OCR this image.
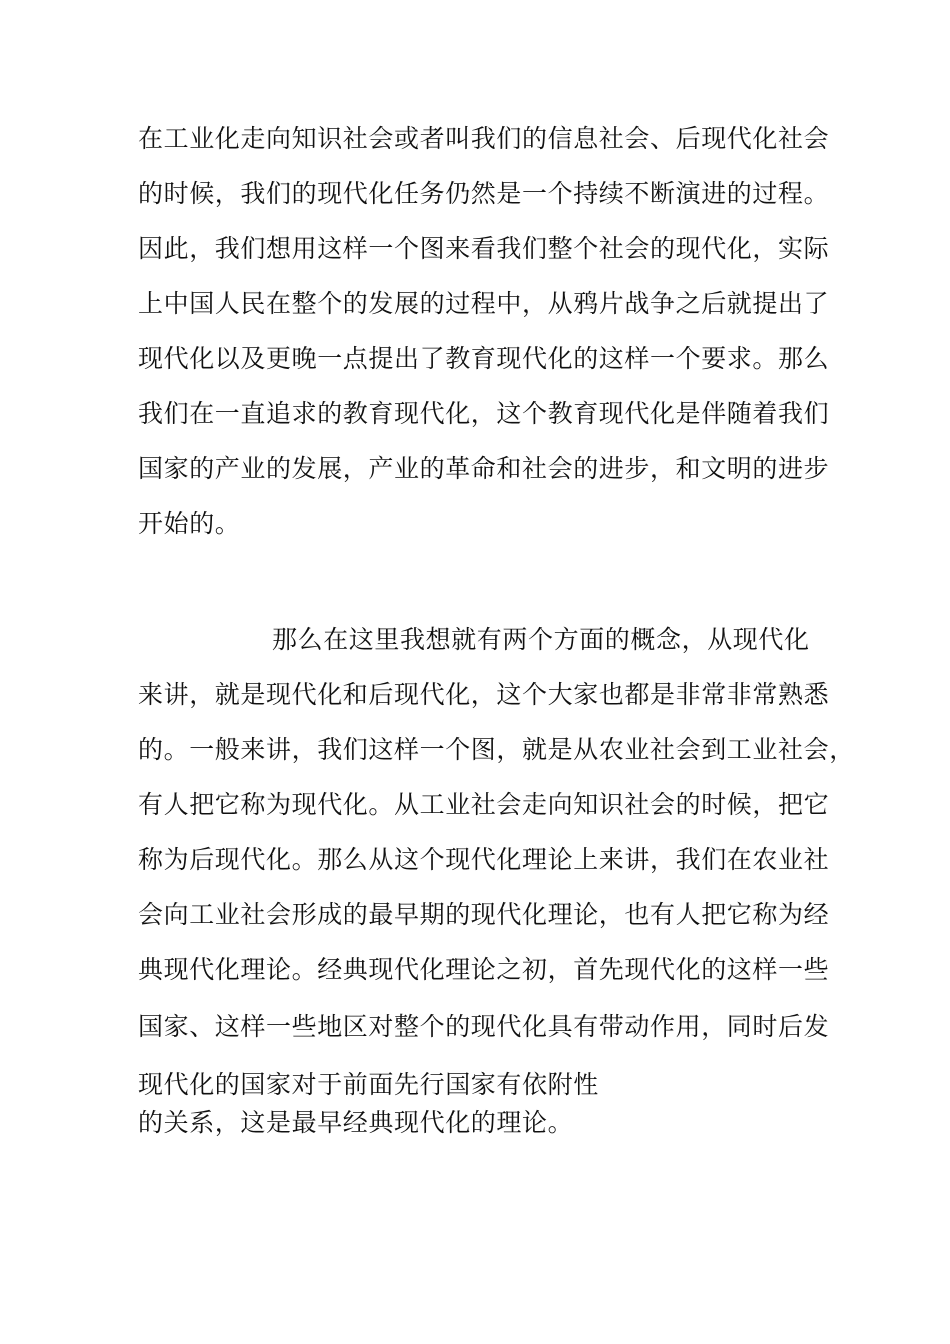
在工业化走向知识社会或者叫我们的信息社会、后现代化社会
的时候，我们的现代化任务仍然是一个持续不断演进的过程。
因此，我们想用这样一个图来看我们整个社会的现代化，实际
上中国人民在整个的发展的过程中，从鸦片战争之后就提出了
现代化以及更晚一点提出了教育现代化的这样一个要求。那么
我们在一直追求的教育现代化，这个教育现代化是伴随着我们
国家的产业的发展，产业的革命和社会的进步，和文明的进步
开始的。
那么在这里我想就有两个方面的概念，从现代化
来讲，就是现代化和后现代化，这个大家也都是非常非常熟悉
的。一般来讲，我们这样一个图，就是从农业社会到工业社会，
有人把它称为现代化。从工业社会走向知识社会的时候，把它
称为后现代化。那么从这个现代化理论上来讲，我们在农业社
会向工业社会形成的最早期的现代化理论，也有人把它称为经
典现代化理论。经典现代化理论之初，首先现代化的这样一些
国家、这样一些地区对整个的现代化具有带动作用，同时后发
现代化的国家对于前面先行国家有依附性
的关系，这是最早经典现代化的理论。
